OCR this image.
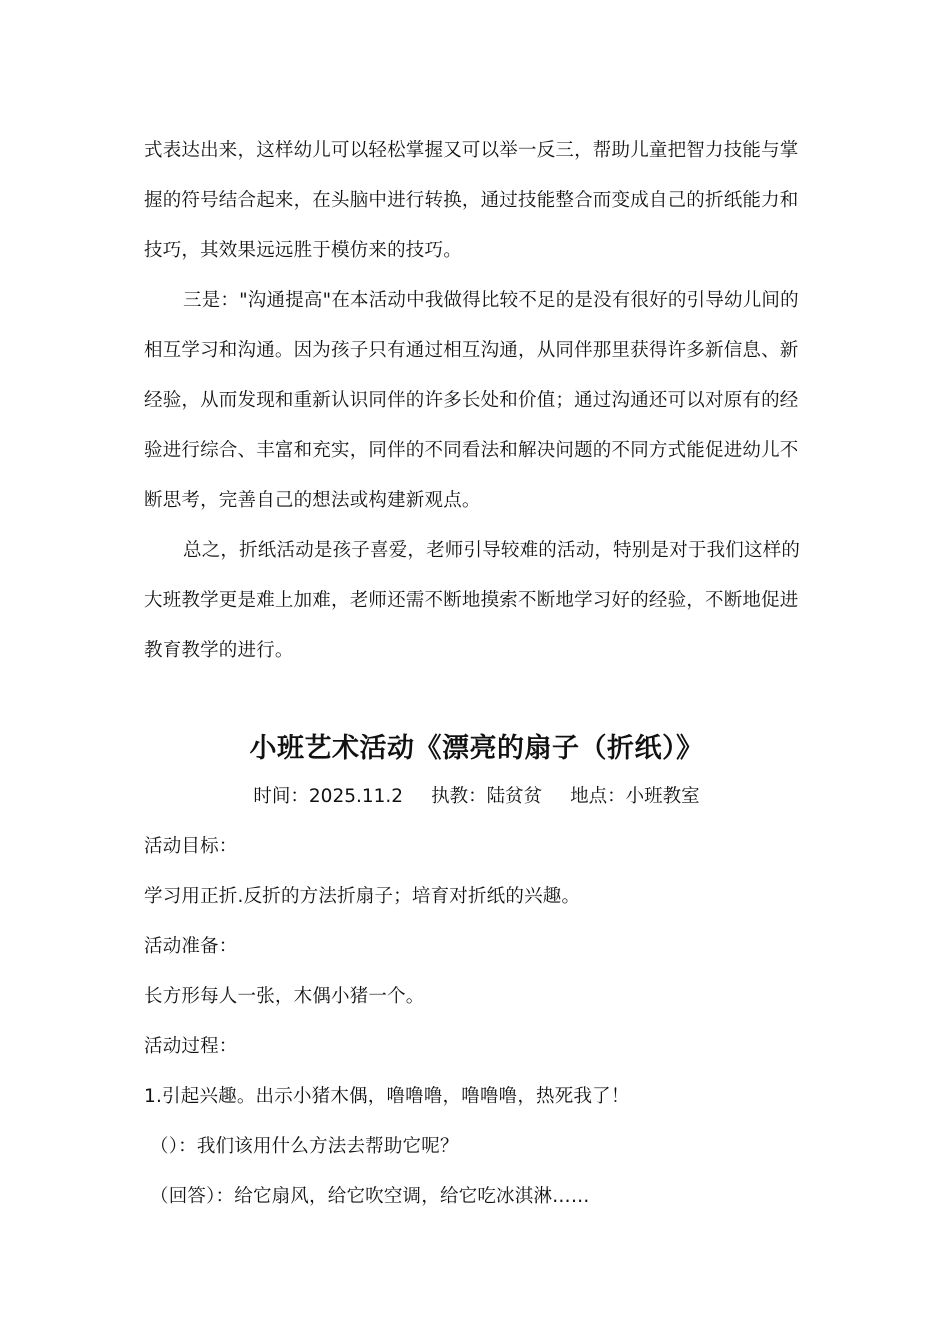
式表达出来，这样幼儿可以轻松掌握又可以举一反三，帮助儿童把智力技能与掌握的符号结合起来，在头脑中进行转换，通过技能整合而变成自己的折纸能力和技巧，其效果远远胜于模仿来的技巧。

三是："沟通提高"在本活动中我做得比较不足的是没有很好的引导幼儿间的相互学习和沟通。因为孩子只有通过相互沟通，从同伴那里获得许多新信息、新经验，从而发现和重新认识同伴的许多长处和价值；通过沟通还可以对原有的经验进行综合、丰富和充实，同伴的不同看法和解决问题的不同方式能促进幼儿不断思考，完善自己的想法或构建新观点。

总之，折纸活动是孩子喜爱，老师引导较难的活动，特别是对于我们这样的大班教学更是难上加难，老师还需不断地摸索不断地学习好的经验，不断地促进教育教学的进行。

小班艺术活动《漂亮的扇子（折纸）》

时间：2025.11.2 执教：陆贫贫 地点：小班教室

活动目标：

学习用正折.反折的方法折扇子；培育对折纸的兴趣。

活动准备：

长方形每人一张，木偶小猪一个。

活动过程：

1.引起兴趣。出示小猪木偶，噜噜噜，噜噜噜，热死我了！

（）：我们该用什么方法去帮助它呢？

（回答）：给它扇风，给它吹空调，给它吃冰淇淋……
